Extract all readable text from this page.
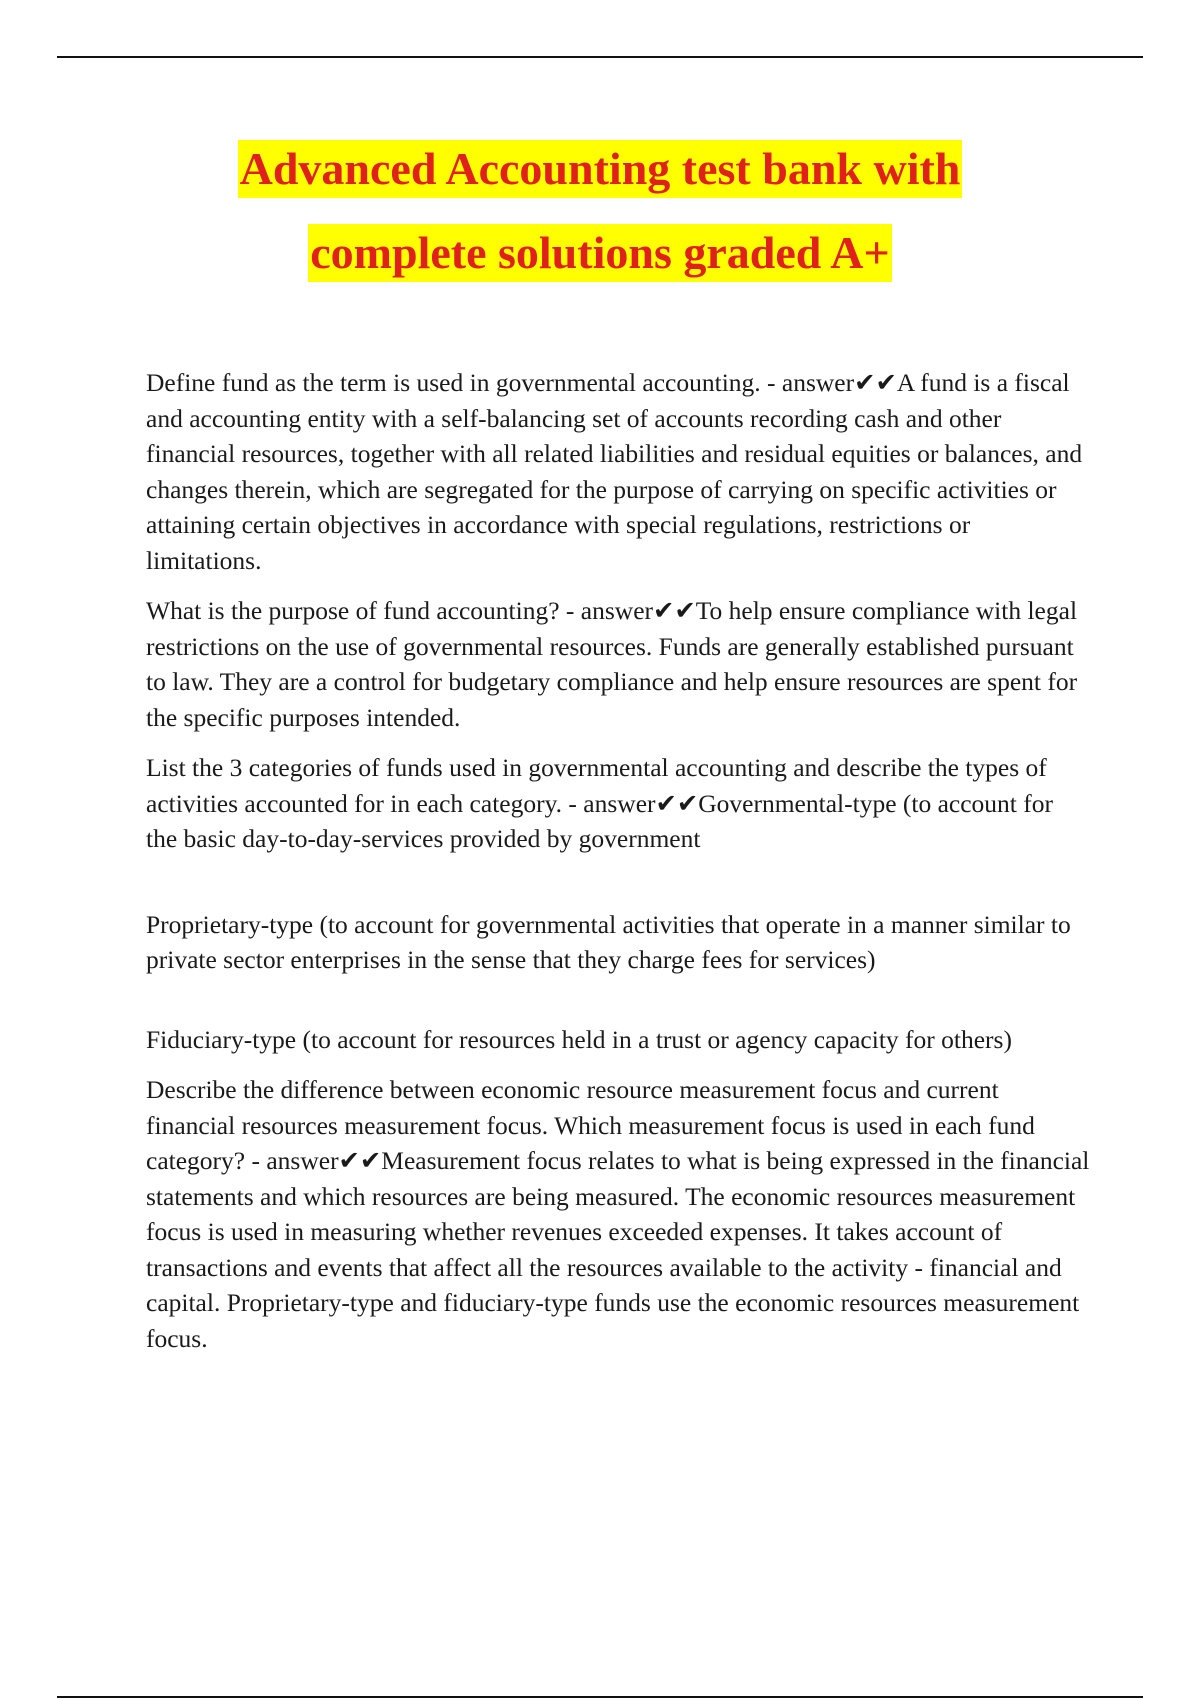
Advanced Accounting test bank with
complete solutions graded A+

Define fund as the term is used in governmental accounting. - answer✔✔A fund is a fiscal and accounting entity with a self-balancing set of accounts recording cash and other financial resources, together with all related liabilities and residual equities or balances, and changes therein, which are segregated for the purpose of carrying on specific activities or attaining certain objectives in accordance with special regulations, restrictions or limitations.

What is the purpose of fund accounting? - answer✔✔To help ensure compliance with legal restrictions on the use of governmental resources. Funds are generally established pursuant to law. They are a control for budgetary compliance and help ensure resources are spent for the specific purposes intended.

List the 3 categories of funds used in governmental accounting and describe the types of activities accounted for in each category. - answer✔✔Governmental-type (to account for the basic day-to-day-services provided by government

Proprietary-type (to account for governmental activities that operate in a manner similar to private sector enterprises in the sense that they charge fees for services)

Fiduciary-type (to account for resources held in a trust or agency capacity for others)

Describe the difference between economic resource measurement focus and current financial resources measurement focus. Which measurement focus is used in each fund category? - answer✔✔Measurement focus relates to what is being expressed in the financial statements and which resources are being measured. The economic resources measurement focus is used in measuring whether revenues exceeded expenses. It takes account of transactions and events that affect all the resources available to the activity - financial and capital. Proprietary-type and fiduciary-type funds use the economic resources measurement focus.
